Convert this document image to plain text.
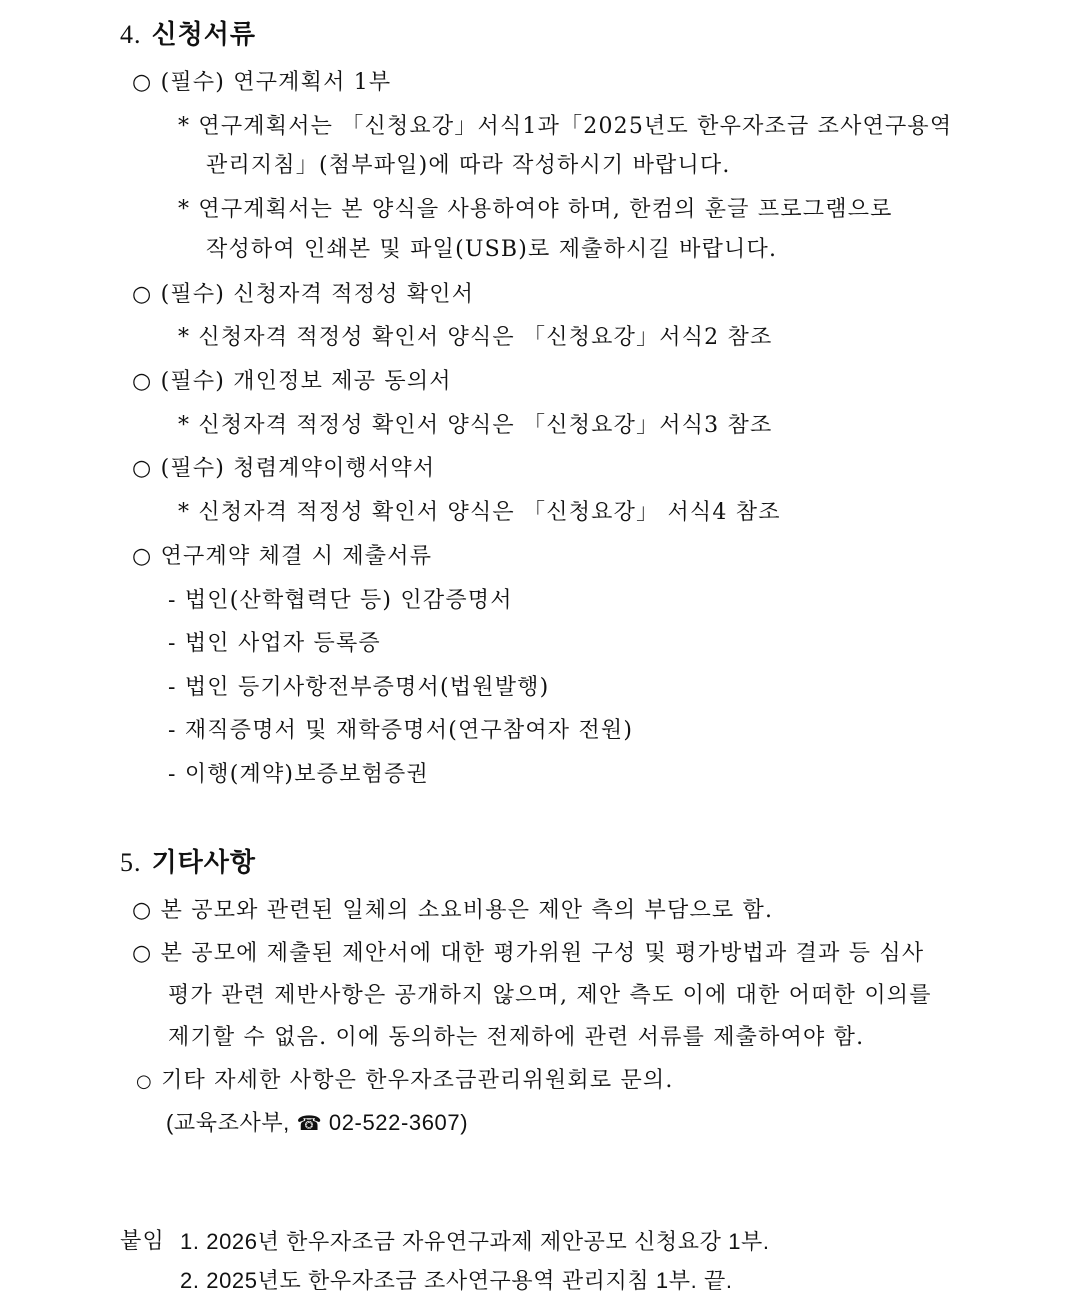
4. 신청서류
○ (필수) 연구계획서 1부
* 연구계획서는 「신청요강」서식1과「2025년도 한우자조금 조사연구용역
관리지침」(첨부파일)에 따라 작성하시기 바랍니다.
* 연구계획서는 본 양식을 사용하여야 하며, 한컴의 훈글 프로그램으로
작성하여 인쇄본 및 파일(USB)로 제출하시길 바랍니다.
○ (필수) 신청자격 적정성 확인서
* 신청자격 적정성 확인서 양식은 「신청요강」서식2 참조
○ (필수) 개인정보 제공 동의서
* 신청자격 적정성 확인서 양식은 「신청요강」서식3 참조
○ (필수) 청렴계약이행서약서
* 신청자격 적정성 확인서 양식은 「신청요강」 서식4 참조
○ 연구계약 체결 시 제출서류
- 법인(산학협력단 등) 인감증명서
- 법인 사업자 등록증
- 법인 등기사항전부증명서(법원발행)
- 재직증명서 및 재학증명서(연구참여자 전원)
- 이행(계약)보증보험증권
5. 기타사항
○ 본 공모와 관련된 일체의 소요비용은 제안 측의 부담으로 함.
○ 본 공모에 제출된 제안서에 대한 평가위원 구성 및 평가방법과 결과 등 심사
평가 관련 제반사항은 공개하지 않으며, 제안 측도 이에 대한 어떠한 이의를
제기할 수 없음. 이에 동의하는 전제하에 관련 서류를 제출하여야 함.
○ 기타 자세한 사항은 한우자조금관리위원회로 문의.
(교육조사부, ☎ 02-522-3607)
붙임 1. 2026년 한우자조금 자유연구과제 제안공모 신청요강 1부.
2. 2025년도 한우자조금 조사연구용역 관리지침 1부. 끝.
